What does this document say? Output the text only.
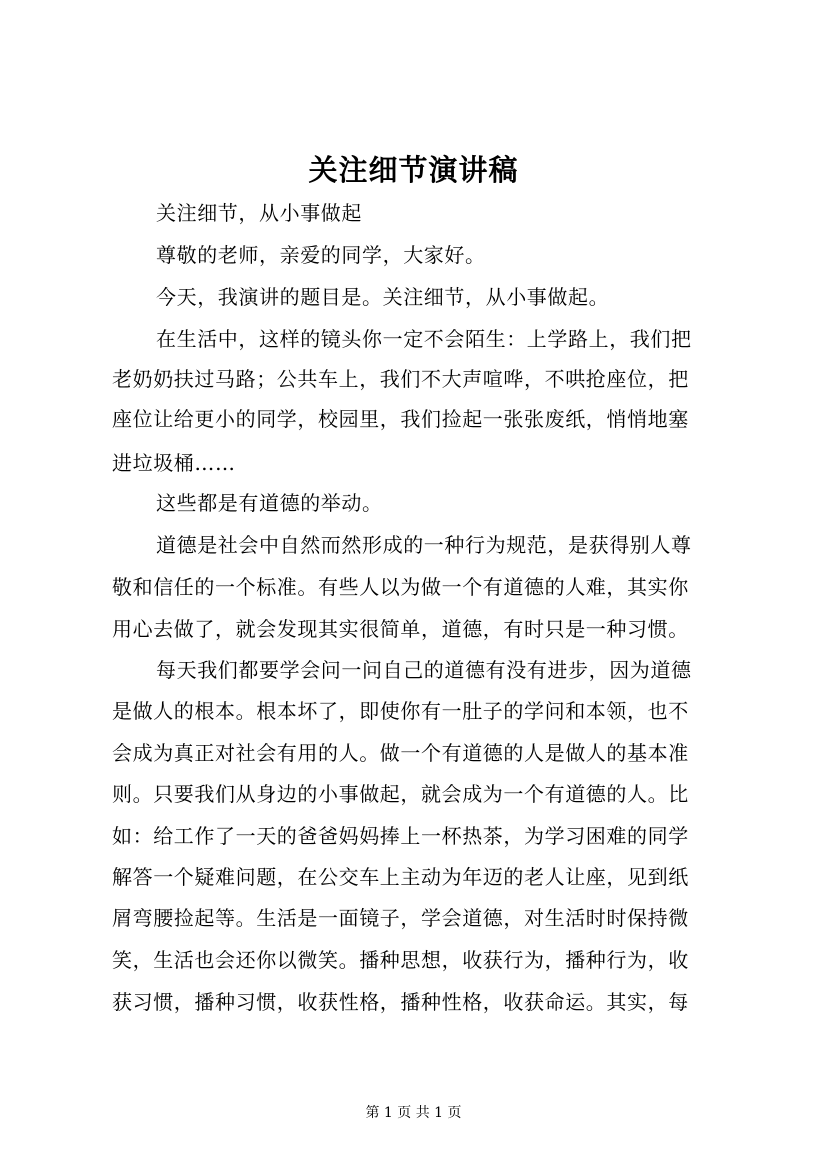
关注细节演讲稿
关注细节，从小事做起
尊敬的老师，亲爱的同学，大家好。
今天，我演讲的题目是。关注细节，从小事做起。
在生活中，这样的镜头你一定不会陌生：上学路上，我们把
老奶奶扶过马路；公共车上，我们不大声喧哗，不哄抢座位，把
座位让给更小的同学，校园里，我们捡起一张张废纸，悄悄地塞
进垃圾桶……
这些都是有道德的举动。
道德是社会中自然而然形成的一种行为规范，是获得别人尊
敬和信任的一个标准。有些人以为做一个有道德的人难，其实你
用心去做了，就会发现其实很简单，道德，有时只是一种习惯。
每天我们都要学会问一问自己的道德有没有进步，因为道德
是做人的根本。根本坏了，即使你有一肚子的学问和本领，也不
会成为真正对社会有用的人。做一个有道德的人是做人的基本准
则。只要我们从身边的小事做起，就会成为一个有道德的人。比
如：给工作了一天的爸爸妈妈捧上一杯热茶，为学习困难的同学
解答一个疑难问题，在公交车上主动为年迈的老人让座，见到纸
屑弯腰捡起等。生活是一面镜子，学会道德，对生活时时保持微
笑，生活也会还你以微笑。播种思想，收获行为，播种行为，收
获习惯，播种习惯，收获性格，播种性格，收获命运。其实，每
第 1 页 共 1 页
